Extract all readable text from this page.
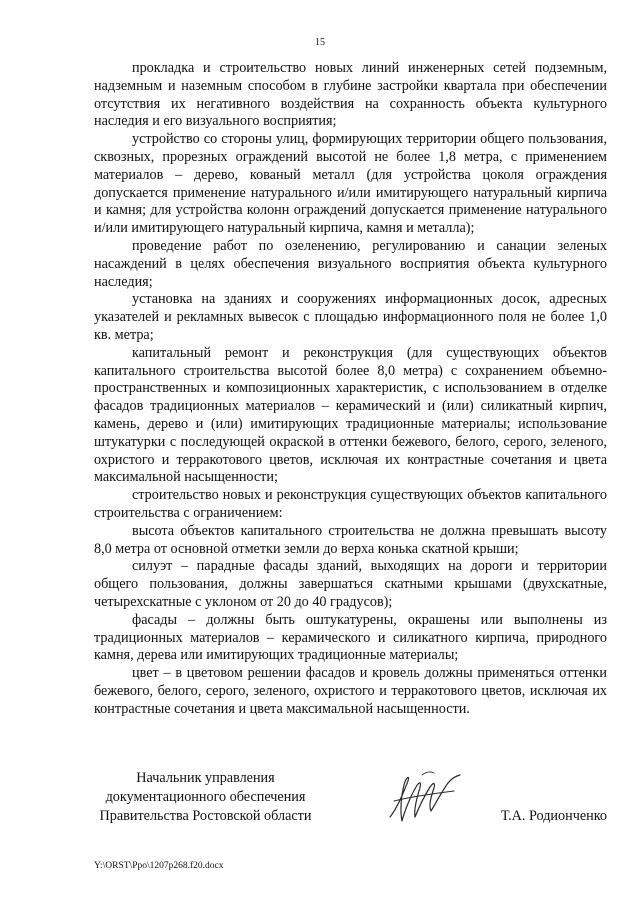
15

прокладка и строительство новых линий инженерных сетей подземным, надземным и наземным способом в глубине застройки квартала при обеспечении отсутствия их негативного воздействия на сохранность объекта культурного наследия и его визуального восприятия;

устройство со стороны улиц, формирующих территории общего пользования, сквозных, прорезных ограждений высотой не более 1,8 метра, с применением материалов – дерево, кованый металл (для устройства цоколя ограждения допускается применение натурального и/или имитирующего натуральный кирпича и камня; для устройства колонн ограждений допускается применение натурального и/или имитирующего натуральный кирпича, камня и металла);

проведение работ по озеленению, регулированию и санации зеленых насаждений в целях обеспечения визуального восприятия объекта культурного наследия;

установка на зданиях и сооружениях информационных досок, адресных указателей и рекламных вывесок с площадью информационного поля не более 1,0 кв. метра;

капитальный ремонт и реконструкция (для существующих объектов капитального строительства высотой более 8,0 метра) с сохранением объемно-пространственных и композиционных характеристик, с использованием в отделке фасадов традиционных материалов – керамический и (или) силикатный кирпич, камень, дерево и (или) имитирующих традиционные материалы; использование штукатурки с последующей окраской в оттенки бежевого, белого, серого, зеленого, охристого и терракотового цветов, исключая их контрастные сочетания и цвета максимальной насыщенности;

строительство новых и реконструкция существующих объектов капитального строительства с ограничением:

высота объектов капитального строительства не должна превышать высоту 8,0 метра от основной отметки земли до верха конька скатной крыши;

силуэт – парадные фасады зданий, выходящих на дороги и территории общего пользования, должны завершаться скатными крышами (двухскатные, четырехскатные с уклоном от 20 до 40 градусов);

фасады – должны быть оштукатурены, окрашены или выполнены из традиционных материалов – керамического и силикатного кирпича, природного камня, дерева или имитирующих традиционные материалы;

цвет – в цветовом решении фасадов и кровель должны применяться оттенки бежевого, белого, серого, зеленого, охристого и терракотового цветов, исключая их контрастные сочетания и цвета максимальной насыщенности.

Начальник управления
документационного обеспечения
Правительства Ростовской области	Т.А. Родионченко
Y:\ORST\Ppo\1207p268.f20.docx
